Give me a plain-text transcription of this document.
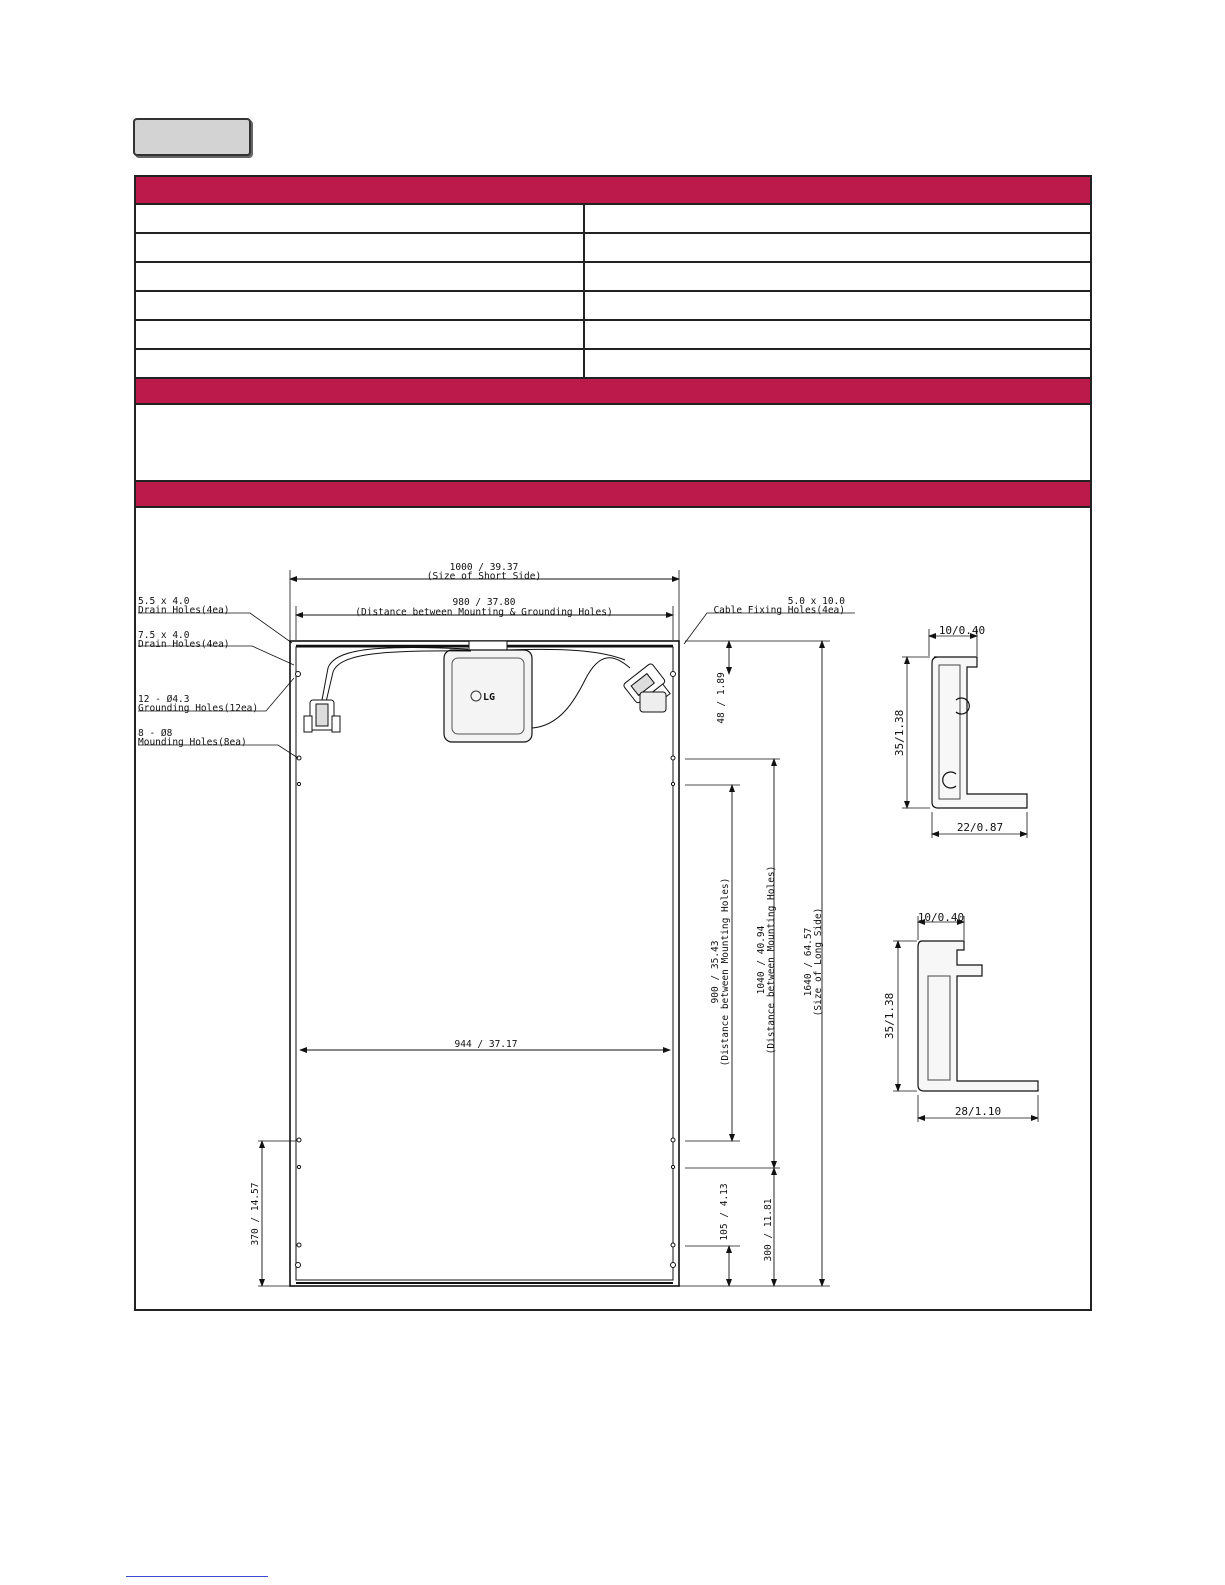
LG
1000 / 39.37
(Size of Short Side)
980 / 37.80
(Distance between Mounting & Grounding Holes)
944 / 37.17
5.5 x 4.0
Drain Holes(4ea)
7.5 x 4.0
Drain Holes(4ea)
12 - Ø4.3
Grounding Holes(12ea)
8 - Ø8
Mounding Holes(8ea)
5.0 x 10.0
Cable Fixing Holes(4ea)
48 / 1.89
900 / 35.43 (Distance between Mounting Holes)	1040 / 40.94 (Distance between Mounting Holes)	1640 / 64.57 (Size of Long Side)
105 / 4.13	300 / 11.81
370 / 14.57
10/0.40
35/1.38
22/0.87
10/0.40
35/1.38
28/1.10
